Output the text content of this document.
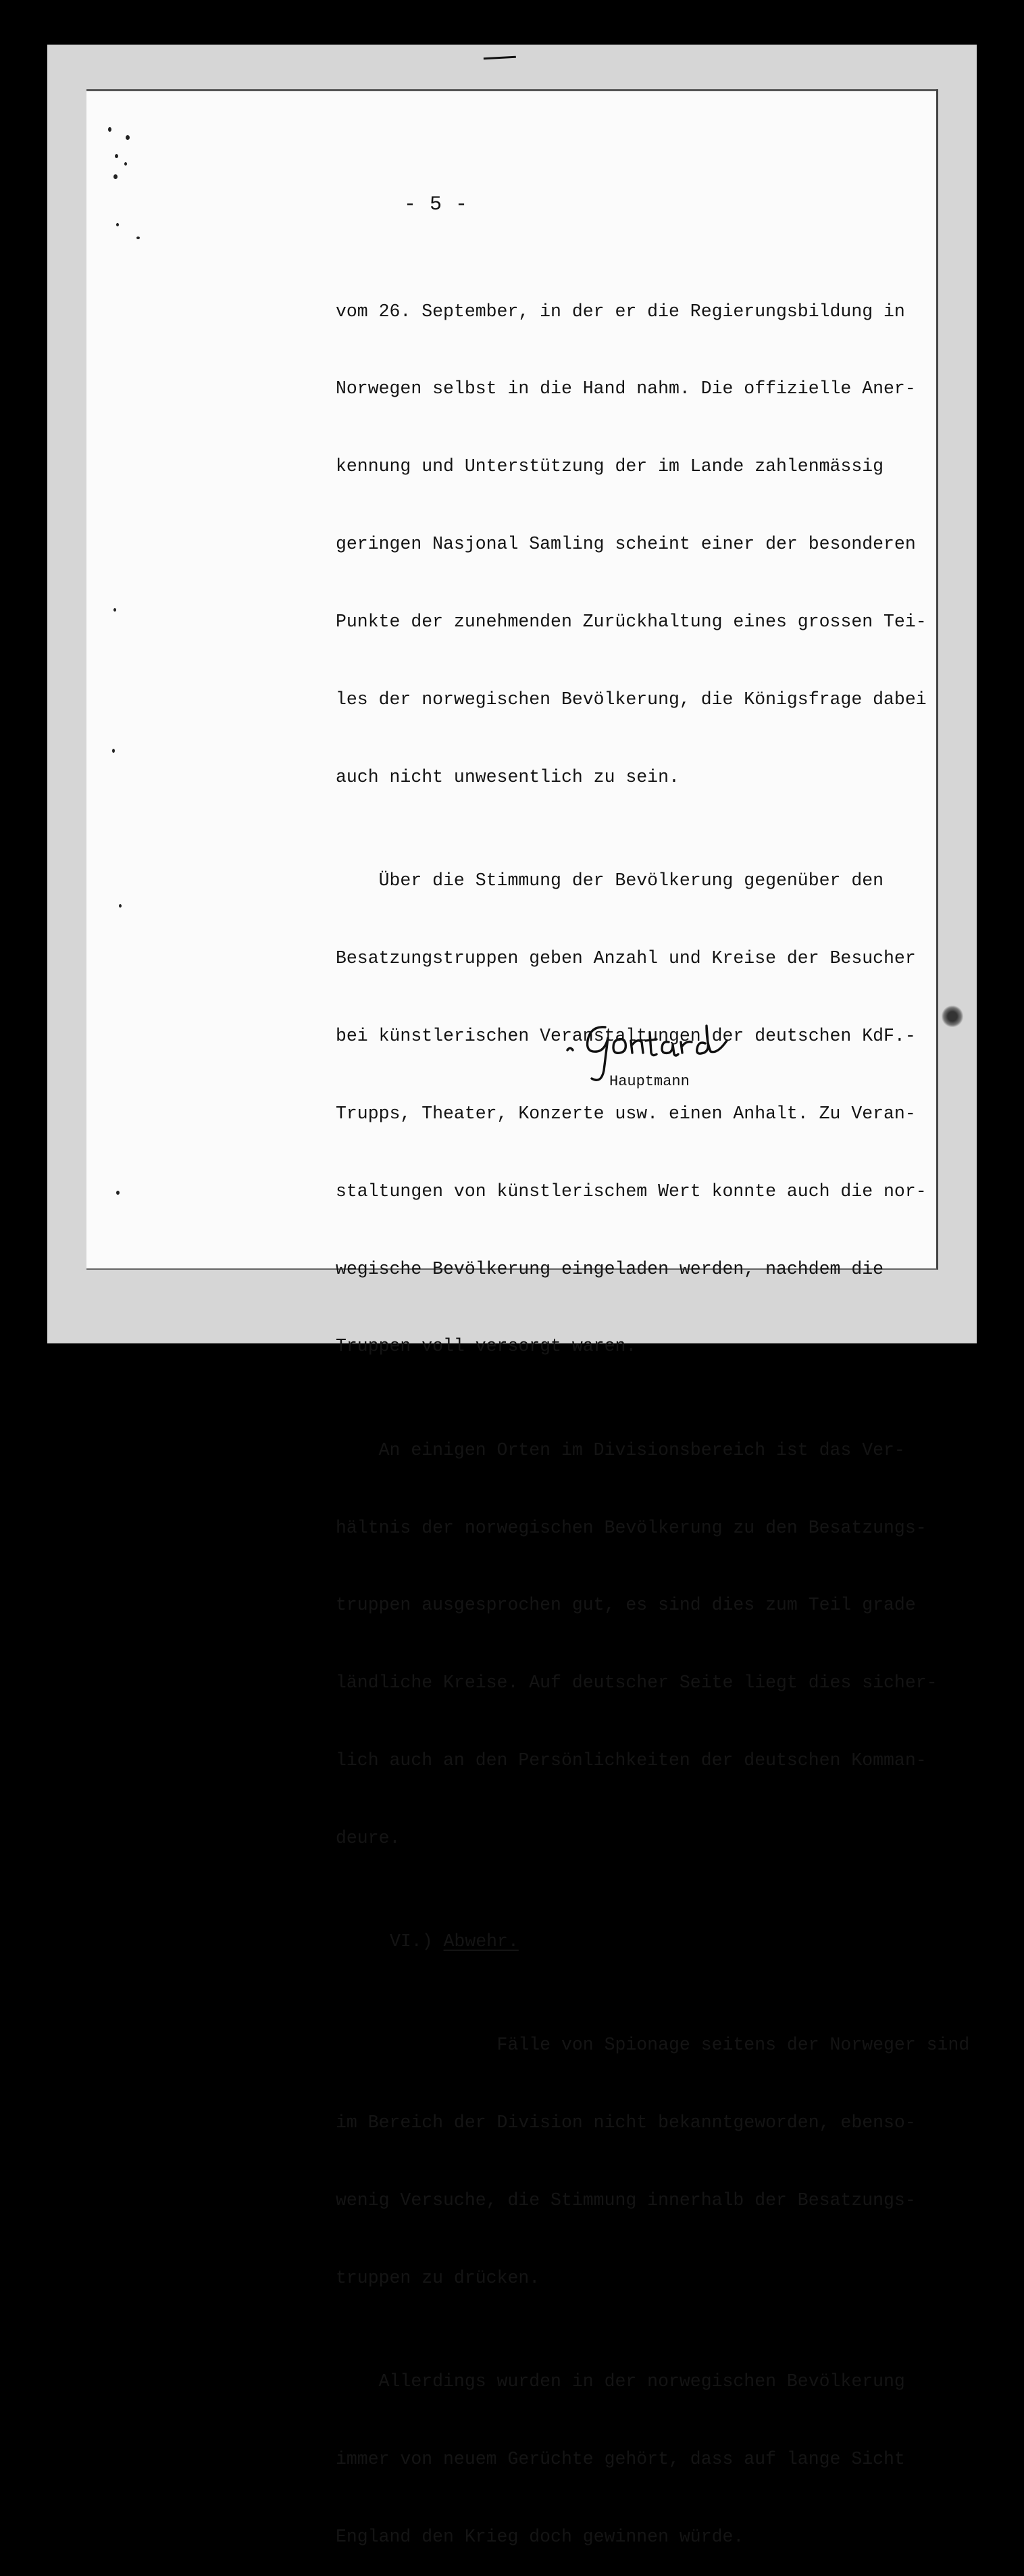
- 5 -

vom 26. September, in der er die Regierungsbildung in

Norwegen selbst in die Hand nahm. Die offizielle Aner-

kennung und Unterstützung der im Lande zahlenmässig

geringen Nasjonal Samling scheint einer der besonderen

Punkte der zunehmenden Zurückhaltung eines grossen Tei-

les der norwegischen Bevölkerung, die Königsfrage dabei

auch nicht unwesentlich zu sein.

Über die Stimmung der Bevölkerung gegenüber den

Besatzungstruppen geben Anzahl und Kreise der Besucher

bei künstlerischen Veranstaltungen der deutschen KdF.-

Trupps, Theater, Konzerte usw. einen Anhalt. Zu Veran-

staltungen von künstlerischem Wert konnte auch die nor-

wegische Bevölkerung eingeladen werden, nachdem die

Truppen voll versorgt waren.

An einigen Orten im Divisionsbereich ist das Ver-

hältnis der norwegischen Bevölkerung zu den Besatzungs-

truppen ausgesprochen gut, es sind dies zum Teil grade

ländliche Kreise. Auf deutscher Seite liegt dies sicher-

lich auch an den Persönlichkeiten der deutschen Komman-

deure.

VI.) Abwehr.

Fälle von Spionage seitens der Norweger sind

im Bereich der Division nicht bekanntgeworden, ebenso-

wenig Versuche, die Stimmung innerhalb der Besatzungs-

truppen zu drücken.

Allerdings wurden in der norwegischen Bevölkerung

immer von neuem Gerüchte gehört, dass auf lange Sicht

England den Krieg doch gewinnen würde.

Hauptmann
